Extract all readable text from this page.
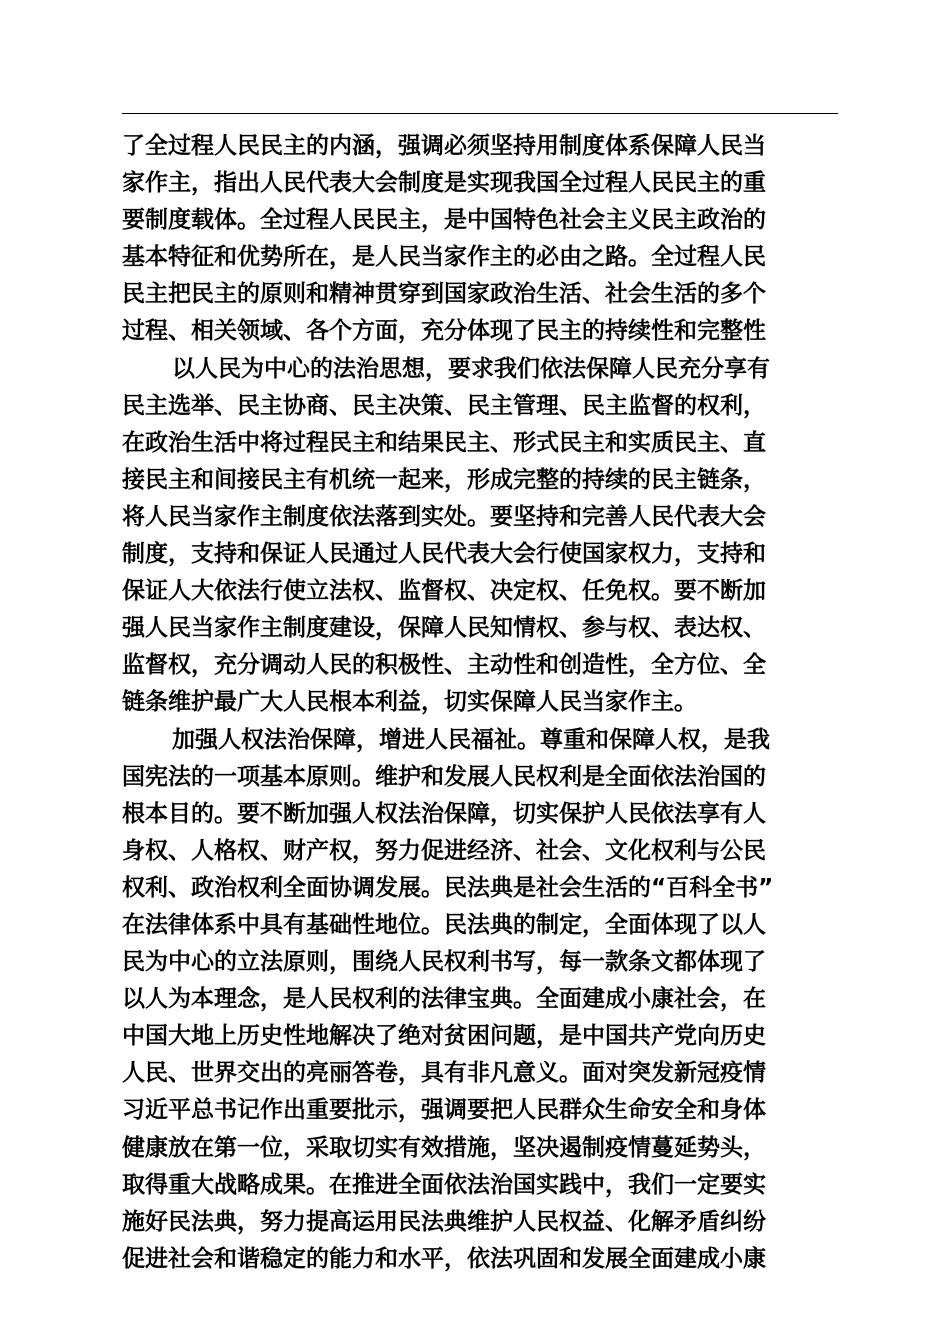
了全过程人民民主的内涵，强调必须坚持用制度体系保障人民当
家作主，指出人民代表大会制度是实现我国全过程人民民主的重
要制度载体。全过程人民民主，是中国特色社会主义民主政治的
基本特征和优势所在，是人民当家作主的必由之路。全过程人民
民主把民主的原则和精神贯穿到国家政治生活、社会生活的多个
过程、相关领域、各个方面，充分体现了民主的持续性和完整性
以人民为中心的法治思想，要求我们依法保障人民充分享有
民主选举、民主协商、民主决策、民主管理、民主监督的权利，
在政治生活中将过程民主和结果民主、形式民主和实质民主、直
接民主和间接民主有机统一起来，形成完整的持续的民主链条，
将人民当家作主制度依法落到实处。要坚持和完善人民代表大会
制度，支持和保证人民通过人民代表大会行使国家权力，支持和
保证人大依法行使立法权、监督权、决定权、任免权。要不断加
强人民当家作主制度建设，保障人民知情权、参与权、表达权、
监督权，充分调动人民的积极性、主动性和创造性，全方位、全
链条维护最广大人民根本利益，切实保障人民当家作主。
加强人权法治保障，增进人民福祉。尊重和保障人权，是我
国宪法的一项基本原则。维护和发展人民权利是全面依法治国的
根本目的。要不断加强人权法治保障，切实保护人民依法享有人
身权、人格权、财产权，努力促进经济、社会、文化权利与公民
权利、政治权利全面协调发展。民法典是社会生活的“百科全书”
在法律体系中具有基础性地位。民法典的制定，全面体现了以人
民为中心的立法原则，围绕人民权利书写，每一款条文都体现了
以人为本理念，是人民权利的法律宝典。全面建成小康社会，在
中国大地上历史性地解决了绝对贫困问题，是中国共产党向历史
人民、世界交出的亮丽答卷，具有非凡意义。面对突发新冠疫情
习近平总书记作出重要批示，强调要把人民群众生命安全和身体
健康放在第一位，采取切实有效措施，坚决遏制疫情蔓延势头，
取得重大战略成果。在推进全面依法治国实践中，我们一定要实
施好民法典，努力提高运用民法典维护人民权益、化解矛盾纠纷
促进社会和谐稳定的能力和水平，依法巩固和发展全面建成小康
